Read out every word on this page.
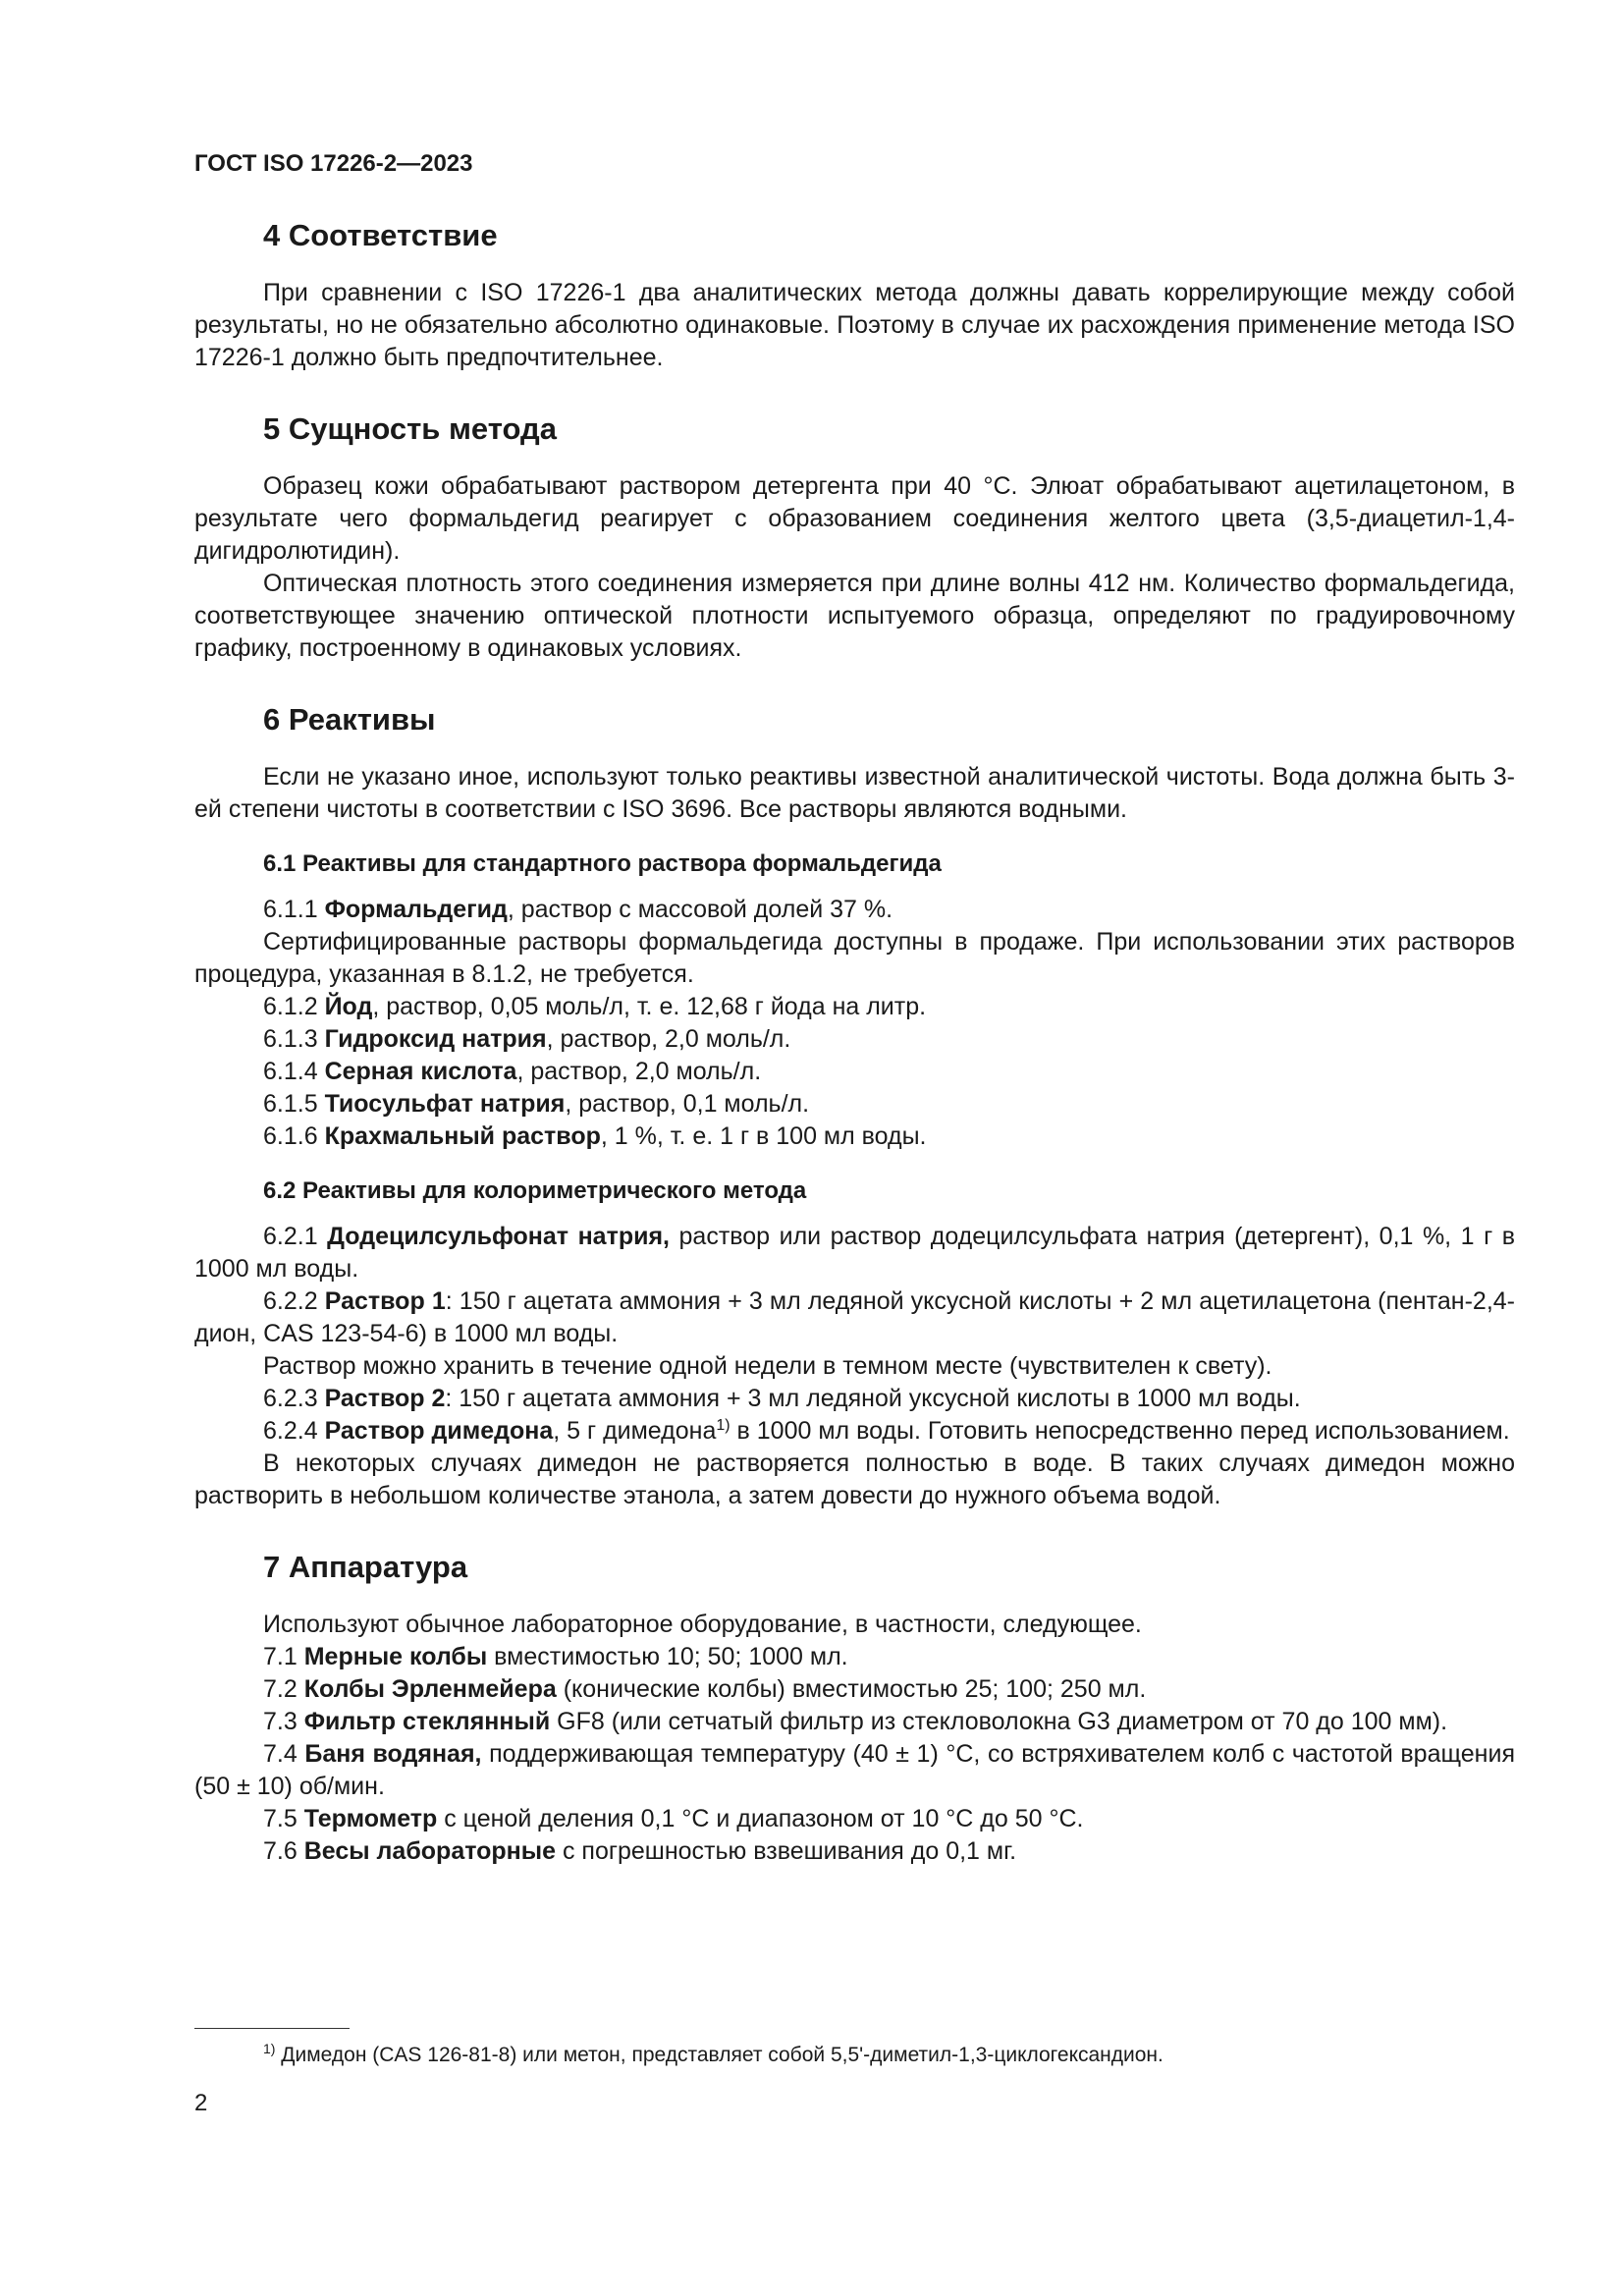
ГОСТ ISO 17226-2—2023
4 Соответствие

При сравнении с ISO 17226-1 два аналитических метода должны давать коррелирующие между собой результаты, но не обязательно абсолютно одинаковые. Поэтому в случае их расхождения применение метода ISO 17226-1 должно быть предпочтительнее.

5 Сущность метода

Образец кожи обрабатывают раствором детергента при 40 °С. Элюат обрабатывают ацетилацетоном, в результате чего формальдегид реагирует с образованием соединения желтого цвета (3,5-диацетил-1,4-дигидролютидин).

Оптическая плотность этого соединения измеряется при длине волны 412 нм. Количество формальдегида, соответствующее значению оптической плотности испытуемого образца, определяют по градуировочному графику, построенному в одинаковых условиях.

6 Реактивы

Если не указано иное, используют только реактивы известной аналитической чистоты. Вода должна быть 3-ей степени чистоты в соответствии с ISO 3696. Все растворы являются водными.

6.1 Реактивы для стандартного раствора формальдегида

6.1.1 Формальдегид, раствор с массовой долей 37 %.

Сертифицированные растворы формальдегида доступны в продаже. При использовании этих растворов процедура, указанная в 8.1.2, не требуется.

6.1.2 Йод, раствор, 0,05 моль/л, т. е. 12,68 г йода на литр.

6.1.3 Гидроксид натрия, раствор, 2,0 моль/л.

6.1.4 Серная кислота, раствор, 2,0 моль/л.

6.1.5 Тиосульфат натрия, раствор, 0,1 моль/л.

6.1.6 Крахмальный раствор, 1 %, т. е. 1 г в 100 мл воды.

6.2 Реактивы для колориметрического метода

6.2.1 Додецилсульфонат натрия, раствор или раствор додецилсульфата натрия (детергент), 0,1 %, 1 г в 1000 мл воды.

6.2.2 Раствор 1: 150 г ацетата аммония + 3 мл ледяной уксусной кислоты + 2 мл ацетилацетона (пентан-2,4-дион, CAS 123-54-6) в 1000 мл воды.

Раствор можно хранить в течение одной недели в темном месте (чувствителен к свету).

6.2.3 Раствор 2: 150 г ацетата аммония + 3 мл ледяной уксусной кислоты в 1000 мл воды.

6.2.4 Раствор димедона, 5 г димедона$^{1)}$ в 1000 мл воды. Готовить непосредственно перед использованием.

В некоторых случаях димедон не растворяется полностью в воде. В таких случаях димедон можно растворить в небольшом количестве этанола, а затем довести до нужного объема водой.

7 Аппаратура

Используют обычное лабораторное оборудование, в частности, следующее.

7.1 Мерные колбы вместимостью 10; 50; 1000 мл.

7.2 Колбы Эрленмейера (конические колбы) вместимостью 25; 100; 250 мл.

7.3 Фильтр стеклянный GF8 (или сетчатый фильтр из стекловолокна G3 диаметром от 70 до 100 мм).

7.4 Баня водяная, поддерживающая температуру (40 ± 1) °С, со встряхивателем колб с частотой вращения (50 ± 10) об/мин.

7.5 Термометр с ценой деления 0,1 °С и диапазоном от 10 °С до 50 °С.

7.6 Весы лабораторные с погрешностью взвешивания до 0,1 мг.

$^{1)}$ Димедон (CAS 126-81-8) или метон, представляет собой 5,5'-диметил-1,3-циклогександион.
2
